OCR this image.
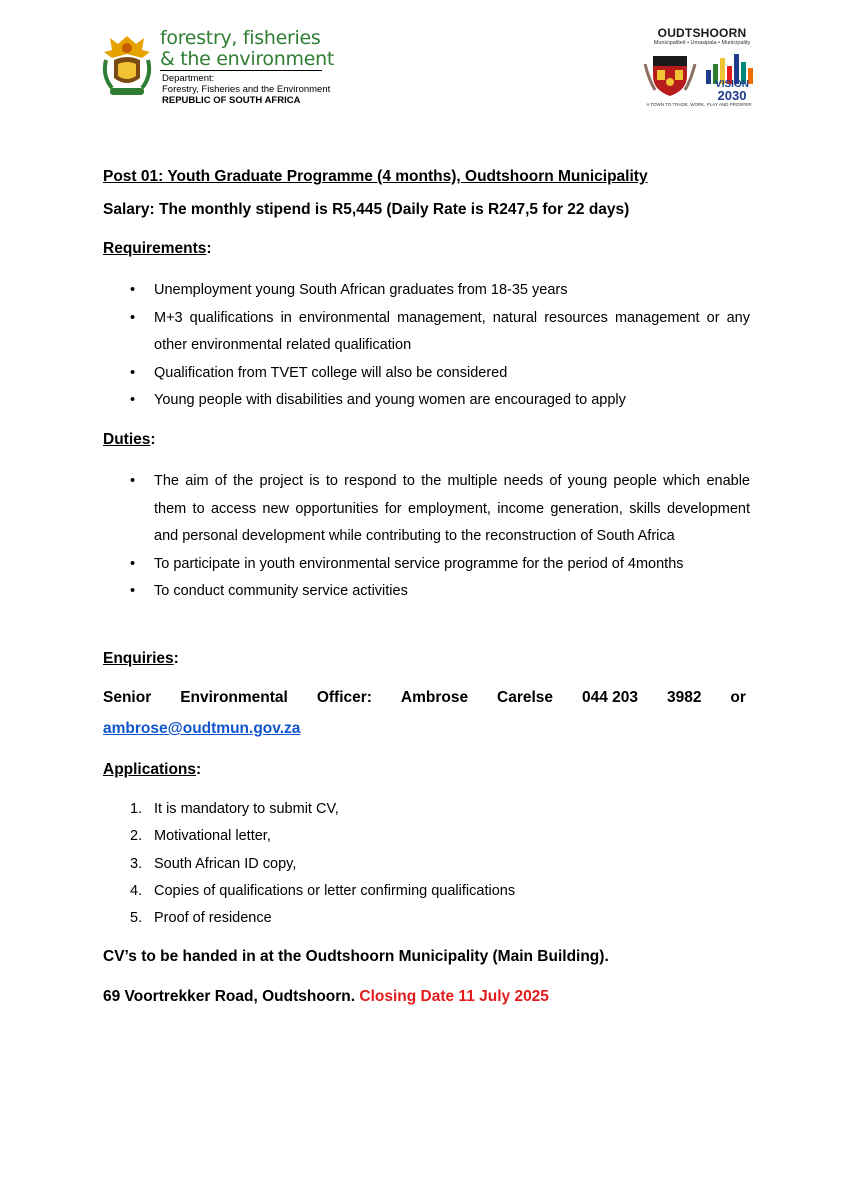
forestry, fisheries
& the environment
Department:
Forestry, Fisheries and the Environment
REPUBLIC OF SOUTH AFRICA
OUDTSHOORN
Municipaliteit • Umasipala • Municipality
VISION
2030
A TOWN TO TRADE, WORK, PLAY AND PROSPER
Post 01: Youth Graduate Programme (4 months), Oudtshoorn Municipality
Salary: The monthly stipend is R5,445 (Daily Rate is R247,5 for 22 days)
Requirements:
• Unemployment young South African graduates from 18-35 years
• M+3 qualifications in environmental management, natural resources management or any other environmental related qualification
• Qualification from TVET college will also be considered
• Young people with disabilities and young women are encouraged to apply
Duties:
• The aim of the project is to respond to the multiple needs of young people which enable them to access new opportunities for employment, income generation, skills development and personal development while contributing to the reconstruction of South Africa
• To participate in youth environmental service programme for the period of 4months
• To conduct community service activities
Enquiries:
Senior Environmental Officer: Ambrose Carelse 044 203 3982 or
ambrose@oudtmun.gov.za
Applications:
1. It is mandatory to submit CV,
2. Motivational letter,
3. South African ID copy,
4. Copies of qualifications or letter confirming qualifications
5. Proof of residence
CV’s to be handed in at the Oudtshoorn Municipality (Main Building).
69 Voortrekker Road, Oudtshoorn. Closing Date 11 July 2025
